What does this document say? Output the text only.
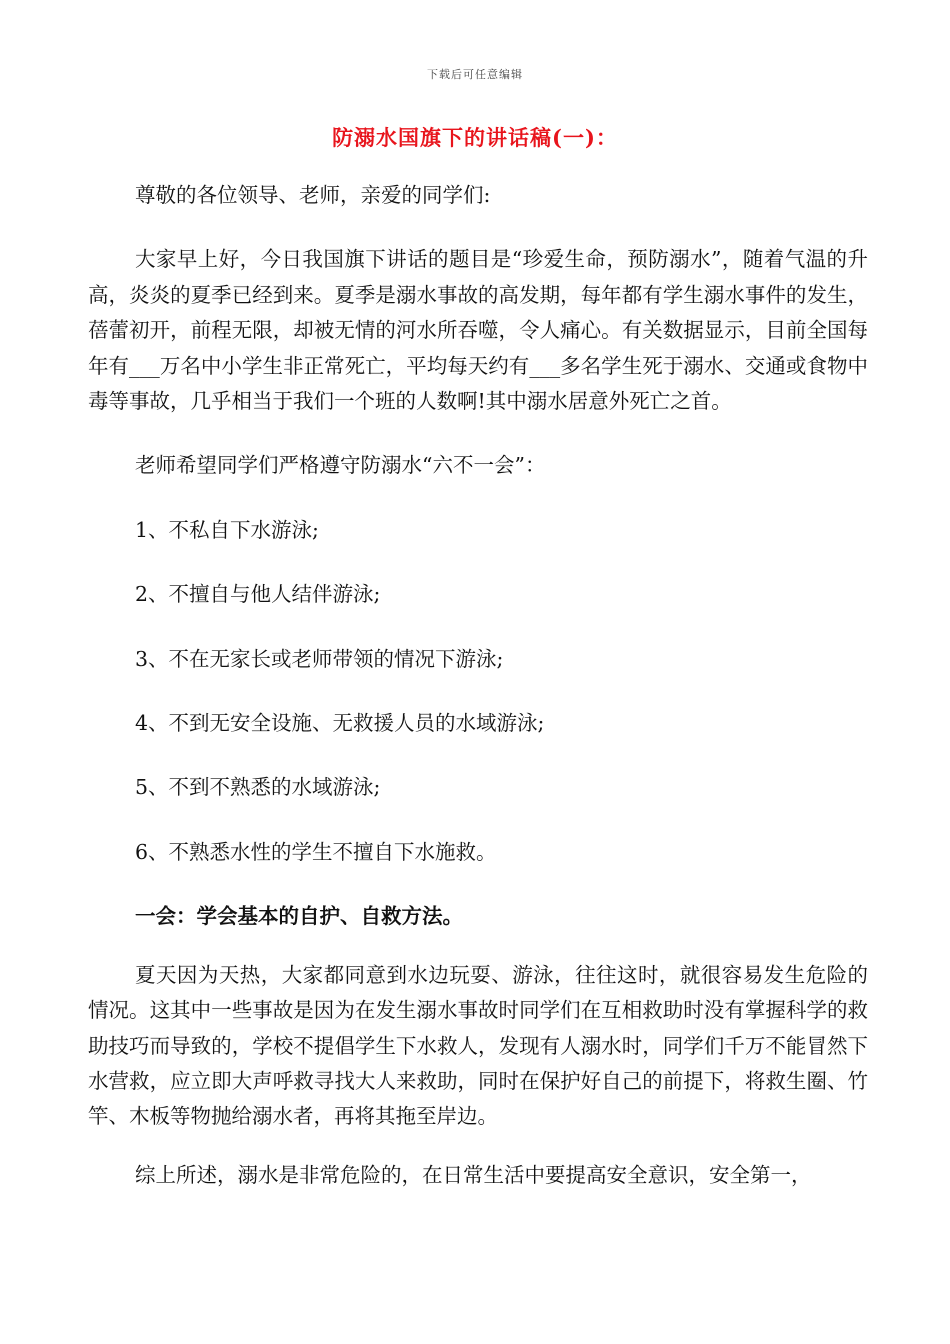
下载后可任意编辑
防溺水国旗下的讲话稿(一)：

尊敬的各位领导、老师，亲爱的同学们:

大家早上好，今日我国旗下讲话的题目是“珍爱生命，预防溺水”，随着气温的升高，炎炎的夏季已经到来。夏季是溺水事故的高发期，每年都有学生溺水事件的发生，蓓蕾初开，前程无限，却被无情的河水所吞噬，令人痛心。有关数据显示，目前全国每年有___万名中小学生非正常死亡，平均每天约有___多名学生死于溺水、交通或食物中毒等事故，几乎相当于我们一个班的人数啊!其中溺水居意外死亡之首。

老师希望同学们严格遵守防溺水“六不一会”：

1、不私自下水游泳;

2、不擅自与他人结伴游泳;

3、不在无家长或老师带领的情况下游泳;

4、不到无安全设施、无救援人员的水域游泳;

5、不到不熟悉的水域游泳;

6、不熟悉水性的学生不擅自下水施救。

一会：学会基本的自护、自救方法。

夏天因为天热，大家都同意到水边玩耍、游泳，往往这时，就很容易发生危险的情况。这其中一些事故是因为在发生溺水事故时同学们在互相救助时没有掌握科学的救助技巧而导致的，学校不提倡学生下水救人，发现有人溺水时，同学们千万不能冒然下水营救，应立即大声呼救寻找大人来救助，同时在保护好自己的前提下，将救生圈、竹竿、木板等物抛给溺水者，再将其拖至岸边。

综上所述，溺水是非常危险的，在日常生活中要提高安全意识，安全第一，
